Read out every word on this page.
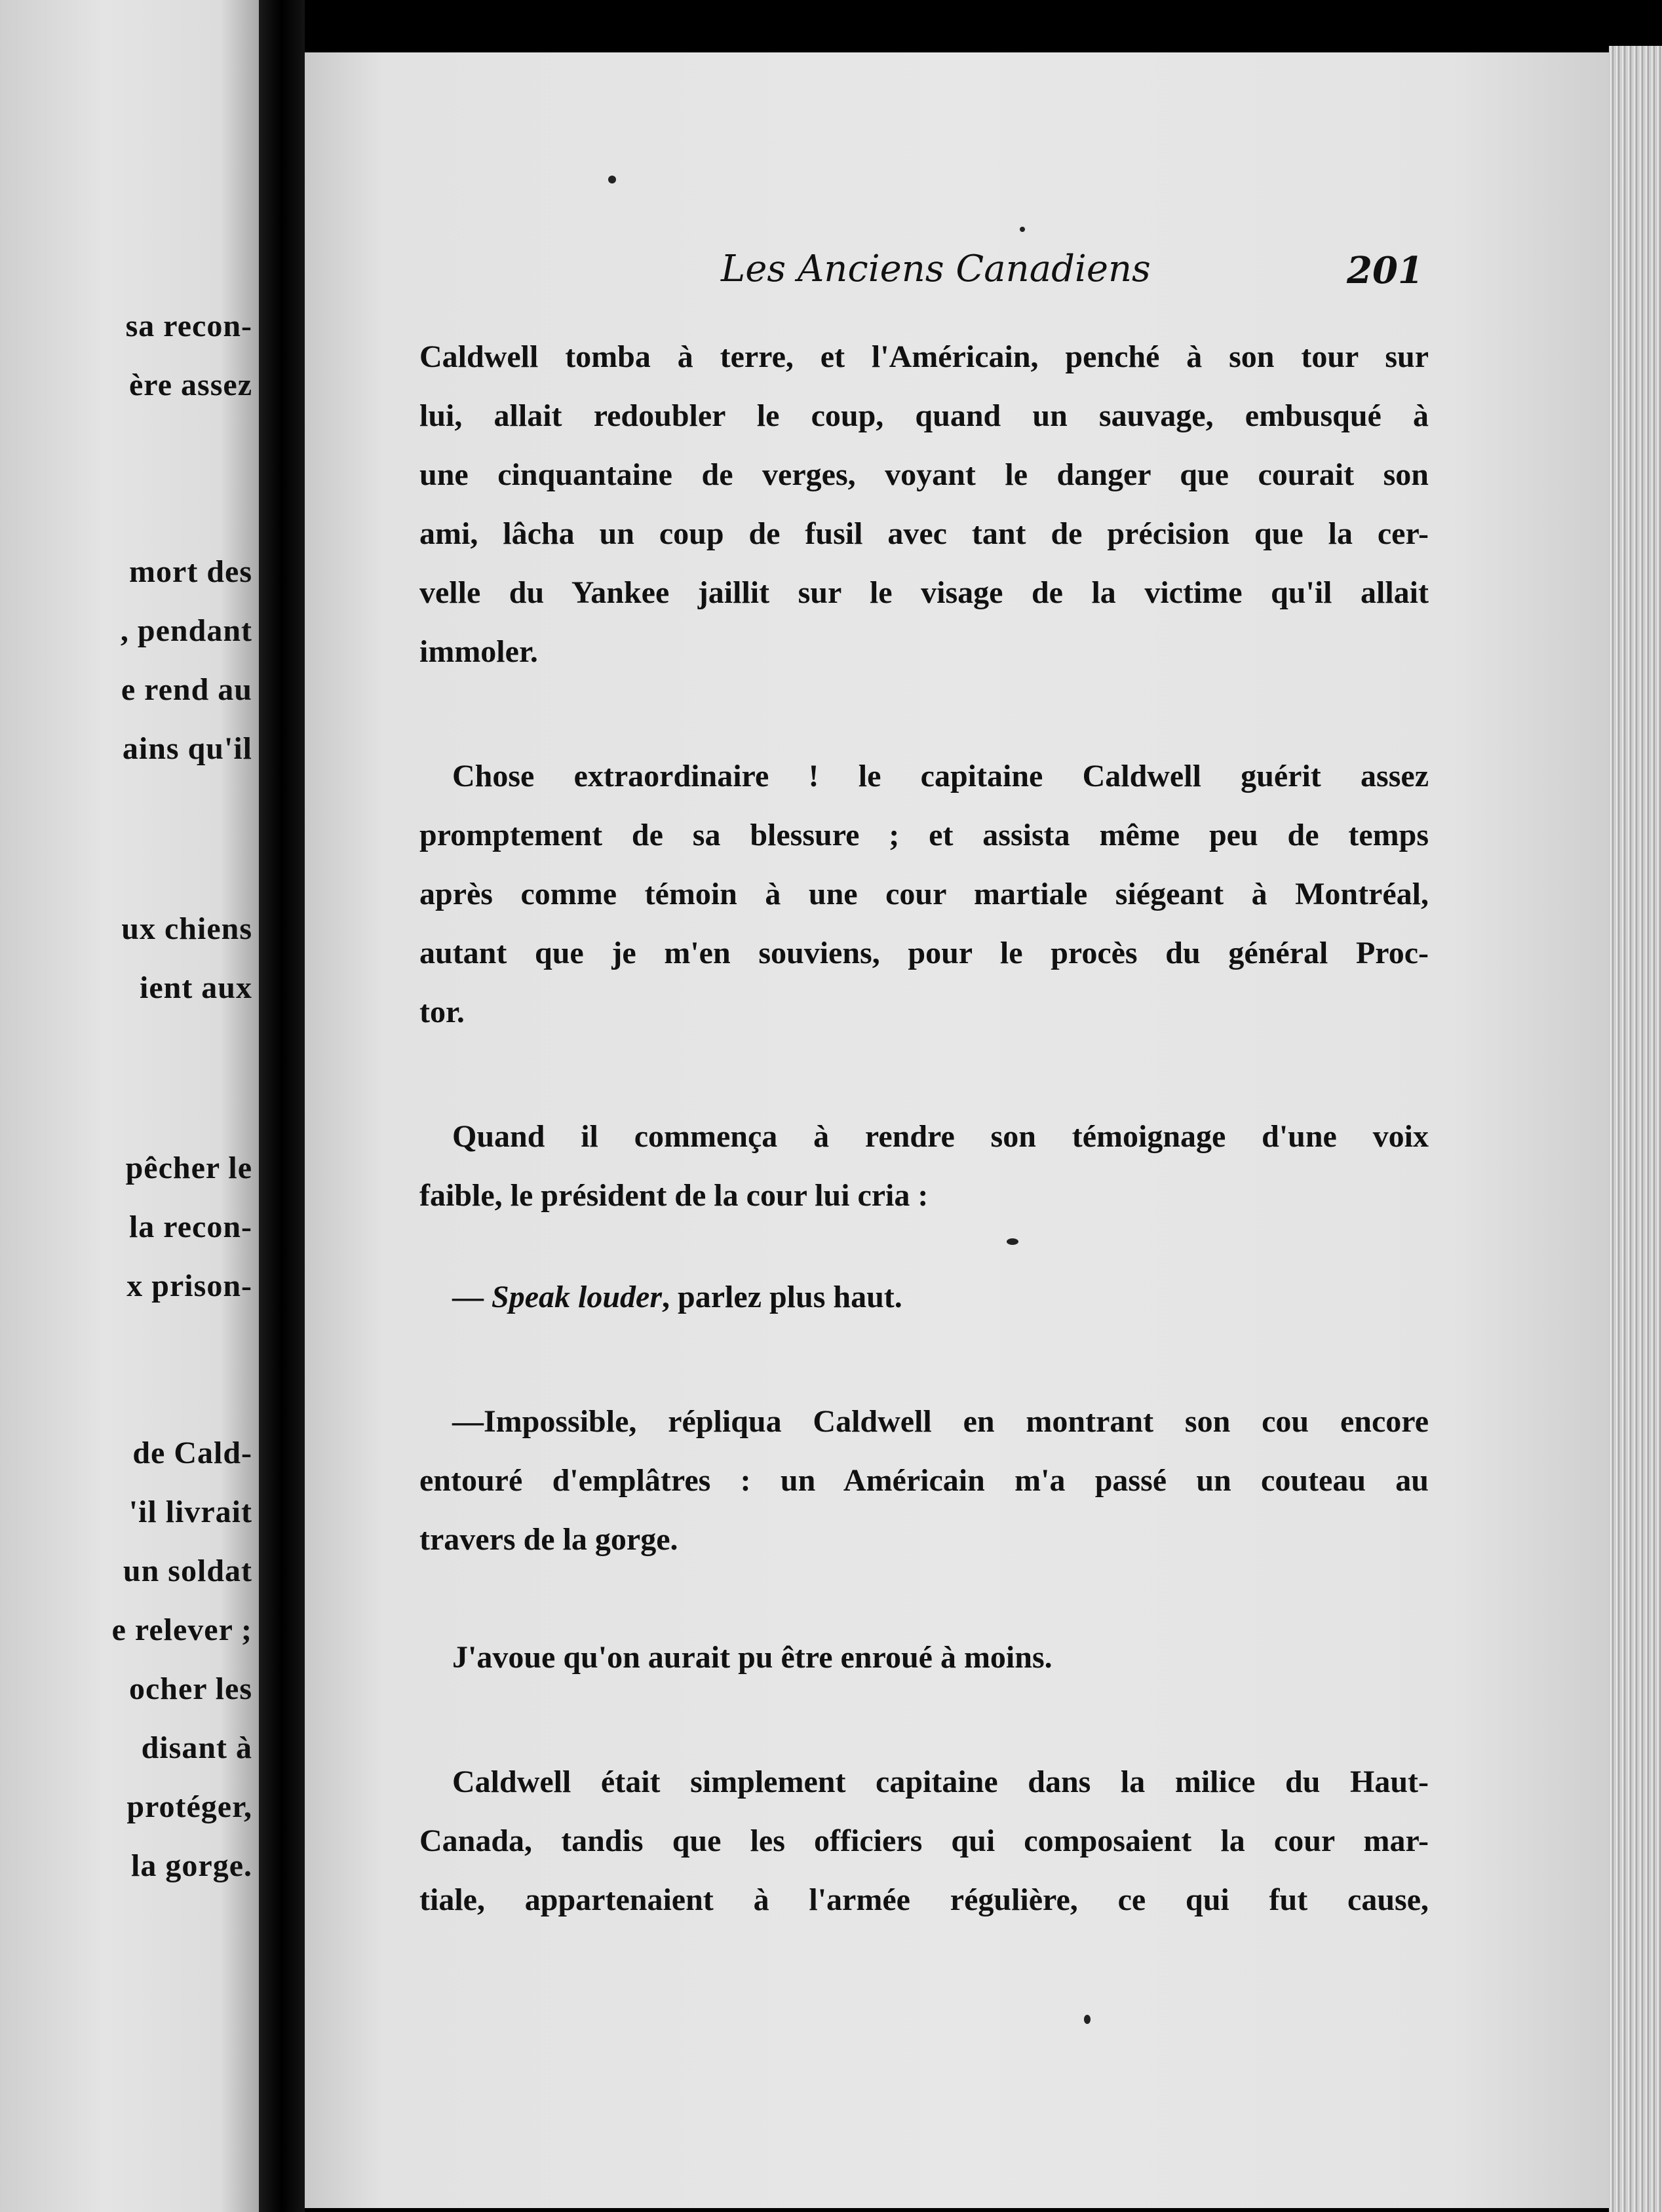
sa recon-
ère assez
mort des
, pendant
e rend au
ains qu'il
ux chiens
ient aux
pêcher le
la recon-
x prison-
de Cald-
'il livrait
un soldat
e relever ;
ocher les
disant à
protéger,
la gorge.
Les Anciens Canadiens	201
Caldwell tomba à terre, et l'Américain, penché à son tour sur
lui, allait redoubler le coup, quand un sauvage, embusqué à
une cinquantaine de verges, voyant le danger que courait son
ami, lâcha un coup de fusil avec tant de précision que la cer-
velle du Yankee jaillit sur le visage de la victime qu'il allait
immoler.
Chose extraordinaire ! le capitaine Caldwell guérit assez
promptement de sa blessure ; et assista même peu de temps
après comme témoin à une cour martiale siégeant à Montréal,
autant que je m'en souviens, pour le procès du général Proc-
tor.
Quand il commença à rendre son témoignage d'une voix
faible, le président de la cour lui cria :
— Speak louder, parlez plus haut.
—Impossible, répliqua Caldwell en montrant son cou encore
entouré d'emplâtres : un Américain m'a passé un couteau au
travers de la gorge.
J'avoue qu'on aurait pu être enroué à moins.
Caldwell était simplement capitaine dans la milice du Haut-
Canada, tandis que les officiers qui composaient la cour mar-
tiale, appartenaient à l'armée régulière, ce qui fut cause,
